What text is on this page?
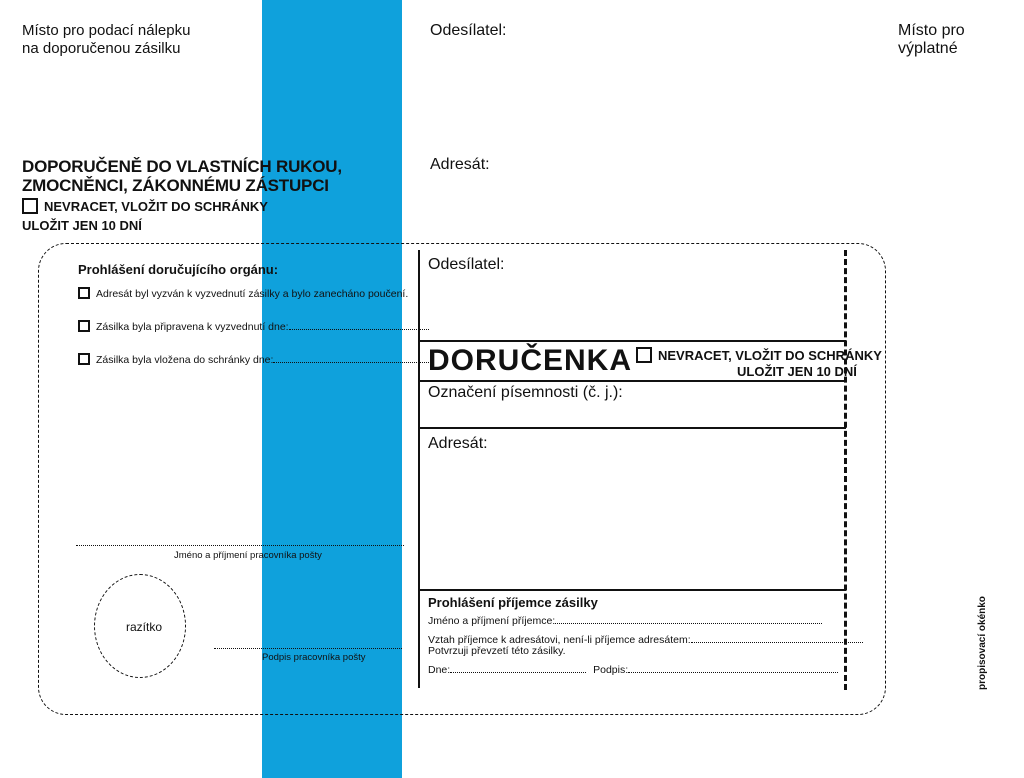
Místo pro podací nálepku
na doporučenou zásilku
Odesílatel:	Místo pro výplatné
Adresát:
DOPORUČENĚ DO VLASTNÍCH RUKOU,
ZMOCNĚNCI, ZÁKONNÉMU ZÁSTUPCI
NEVRACET, VLOŽIT DO SCHRÁNKY
ULOŽIT JEN 10 DNÍ
Prohlášení doručujícího orgánu:
Adresát byl vyzván k vyzvednutí zásilky a bylo zanecháno poučení.
Zásilka byla připravena k vyzvednutí dne:
Zásilka byla vložena do schránky dne:
Jméno a příjmení pracovníka pošty
razítko
Podpis pracovníka pošty
Odesílatel:
DORUČENKA	NEVRACET, VLOŽIT DO SCHRÁNKY
ULOŽIT JEN 10 DNÍ
Označení písemnosti (č. j.):
Adresát:
Prohlášení příjemce zásilky
Jméno a příjmení příjemce:
Vztah příjemce k adresátovi, není-li příjemce adresátem:
Potvrzuji převzetí této zásilky.
Dne:	Podpis:	propisovací okénko
